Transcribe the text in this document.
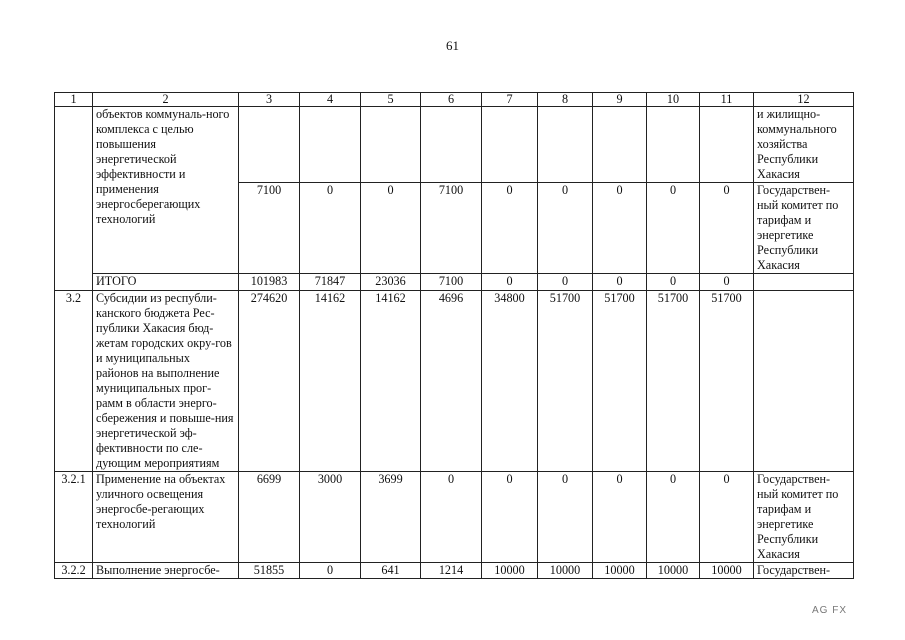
61
1	2	3	4	5	6	7	8	9	10	11	12
	объектов коммуналь-ного комплекса с целью повышения энергетической эффективности и применения энергосберегающих технологий										и жилищно-коммунального хозяйства Республики Хакасия
		7100	0	0	7100	0	0	0	0	0	Государствен-ный комитет по тарифам и энергетике Республики Хакасия
	ИТОГО	101983	71847	23036	7100	0	0	0	0	0	
3.2	Субсидии из республи-канского бюджета Рес-публики Хакасия бюд-жетам городских окру-гов и муниципальных районов на выполнение муниципальных прог-рамм в области энерго-сбережения и повыше-ния энергетической эф-фективности по сле-дующим мероприятиям	274620	14162	14162	4696	34800	51700	51700	51700	51700	
3.2.1	Применение на объектах уличного освещения энергосбе-регающих технологий	6699	3000	3699	0	0	0	0	0	0	Государствен-ный комитет по тарифам и энергетике Республики Хакасия
3.2.2	Выполнение энергосбе-	51855	0	641	1214	10000	10000	10000	10000	10000	Государствен-
AG FX
